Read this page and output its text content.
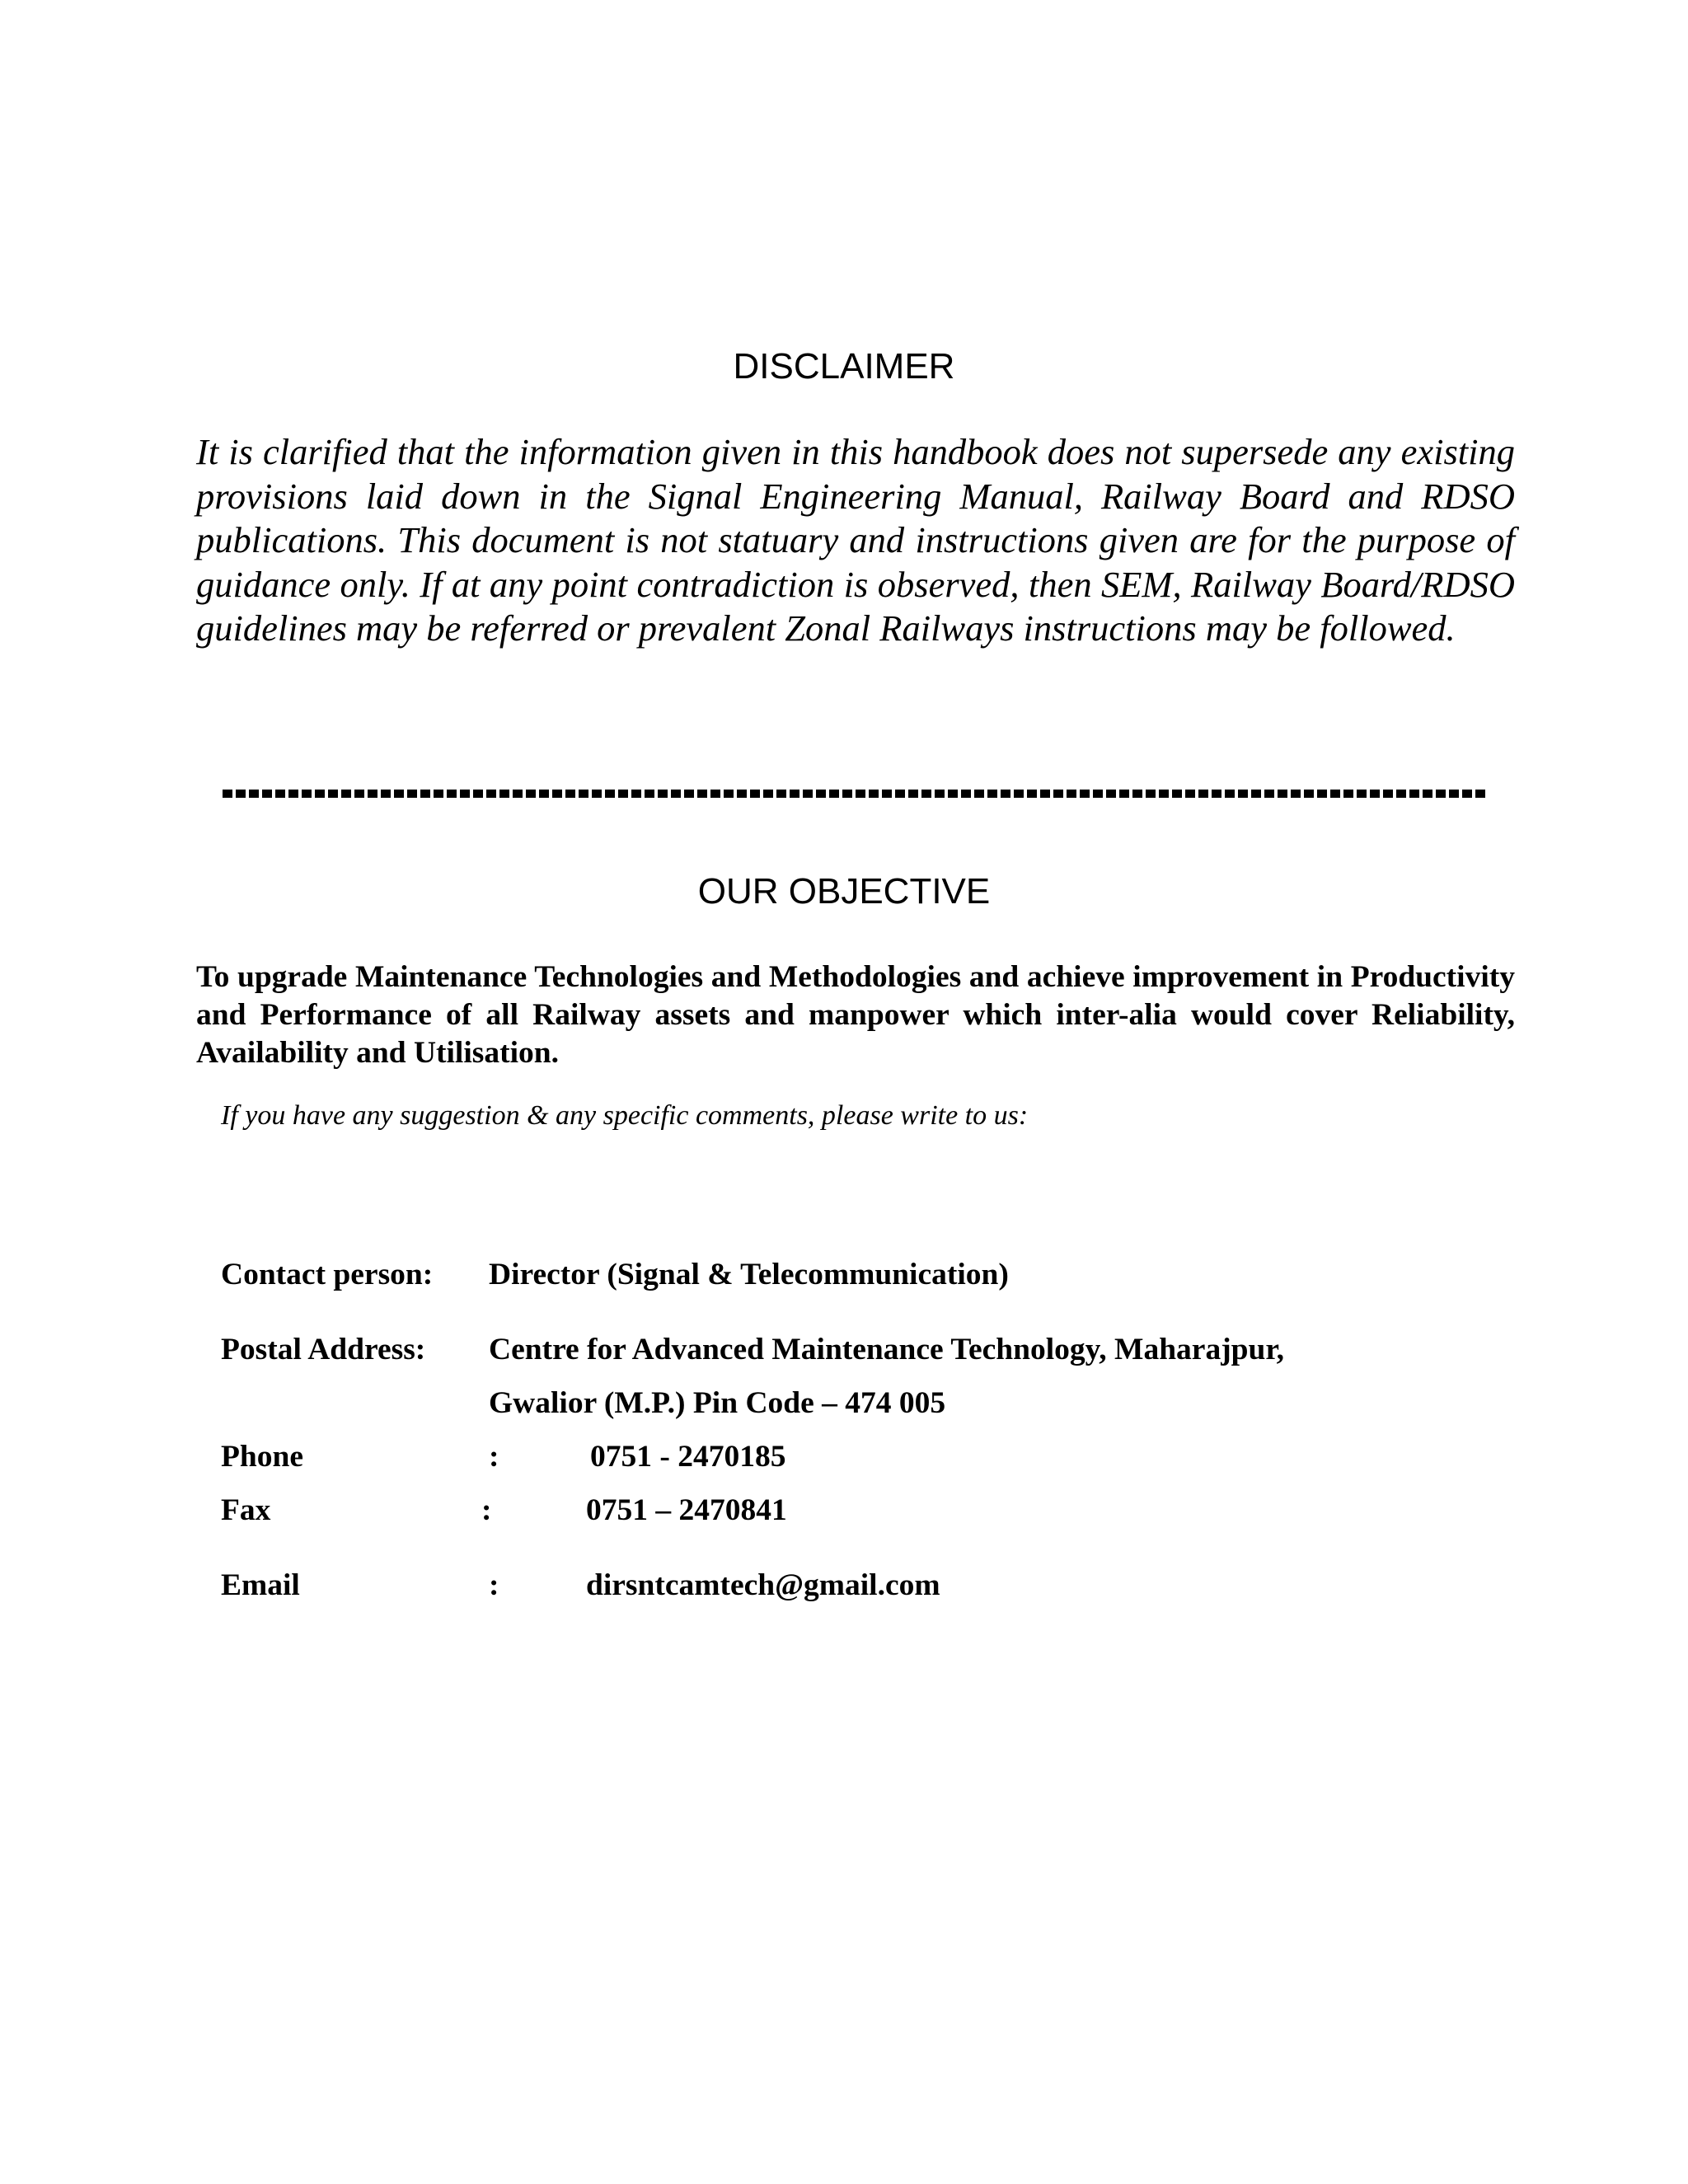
DISCLAIMER
It is clarified that the information given in this handbook does not supersede any existing provisions laid down in the Signal Engineering Manual, Railway Board and RDSO publications. This document is not statuary and instructions given are for the purpose of guidance only. If at any point contradiction is observed, then SEM, Railway Board/RDSO guidelines may be referred or prevalent Zonal Railways instructions may be followed.
OUR OBJECTIVE
To upgrade Maintenance Technologies and Methodologies and achieve improvement in Productivity and Performance of all Railway assets and manpower which inter-alia would cover Reliability, Availability and Utilisation.
If you have any suggestion & any specific comments, please write to us:
Contact person: Director (Signal & Telecommunication)
Postal Address: Centre for Advanced Maintenance Technology, Maharajpur,
Gwalior (M.P.) Pin Code – 474 005
Phone	:	0751 - 2470185
Fax	:	0751 – 2470841
Email	:	dirsntcamtech@gmail.com
